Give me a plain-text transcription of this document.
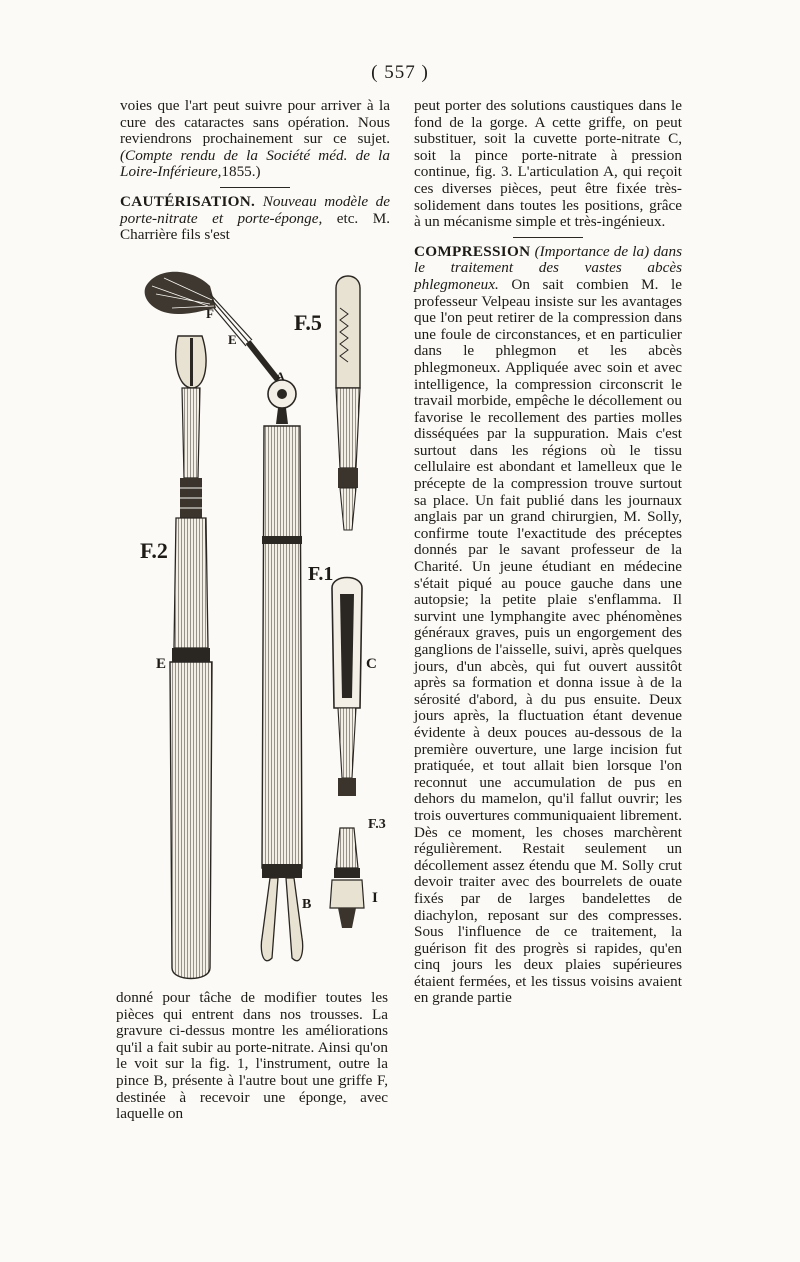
( 557 )

voies que l'art peut suivre pour arriver à la cure des cataractes sans opération. Nous reviendrons prochainement sur ce sujet. (Compte rendu de la Société méd. de la Loire-Inférieure,1855.)

CAUTÉRISATION. Nouveau modèle de porte-nitrate et porte-éponge, etc. M. Charrière fils s'est

F
E
A
F.5
F.2
F.1
E	C
B	I
F.3

donné pour tâche de modifier toutes les pièces qui entrent dans nos trousses. La gravure ci-dessus montre les améliorations qu'il a fait subir au porte-nitrate. Ainsi qu'on le voit sur la fig. 1, l'instrument, outre la pince B, présente à l'autre bout une griffe F, destinée à recevoir une éponge, avec laquelle on

peut porter des solutions caustiques dans le fond de la gorge. A cette griffe, on peut substituer, soit la cuvette porte-nitrate C, soit la pince porte-nitrate à pression continue, fig. 3. L'articulation A, qui reçoit ces diverses pièces, peut être fixée très-solidement dans toutes les positions, grâce à un mécanisme simple et très-ingénieux.

COMPRESSION (Importance de la) dans le traitement des vastes abcès phlegmoneux. On sait combien M. le professeur Velpeau insiste sur les avantages que l'on peut retirer de la compression dans une foule de circonstances, et en particulier dans le phlegmon et les abcès phlegmoneux. Appliquée avec soin et avec intelligence, la compression circonscrit le travail morbide, empêche le décollement ou favorise le recollement des parties molles disséquées par la suppuration. Mais c'est surtout dans les régions où le tissu cellulaire est abondant et lamelleux que le précepte de la compression trouve surtout sa place. Un fait publié dans les journaux anglais par un grand chirurgien, M. Solly, confirme toute l'exactitude des préceptes donnés par le savant professeur de la Charité. Un jeune étudiant en médecine s'était piqué au pouce gauche dans une autopsie; la petite plaie s'enflamma. Il survint une lymphangite avec phénomènes généraux graves, puis un engorgement des ganglions de l'aisselle, suivi, après quelques jours, d'un abcès, qui fut ouvert aussitôt après sa formation et donna issue à de la sérosité d'abord, à du pus ensuite. Deux jours après, la fluctuation étant devenue évidente à deux pouces au-dessous de la première ouverture, une large incision fut pratiquée, et tout allait bien lorsque l'on reconnut une accumulation de pus en dehors du mamelon, qu'il fallut ouvrir; les trois ouvertures communiquaient librement. Dès ce moment, les choses marchèrent régulièrement. Restait seulement un décollement assez étendu que M. Solly crut devoir traiter avec des bourrelets de ouate fixés par de larges bandelettes de diachylon, reposant sur des compresses. Sous l'influence de ce traitement, la guérison fit des progrès si rapides, qu'en cinq jours les deux plaies supérieures étaient fermées, et les tissus voisins avaient en grande partie
